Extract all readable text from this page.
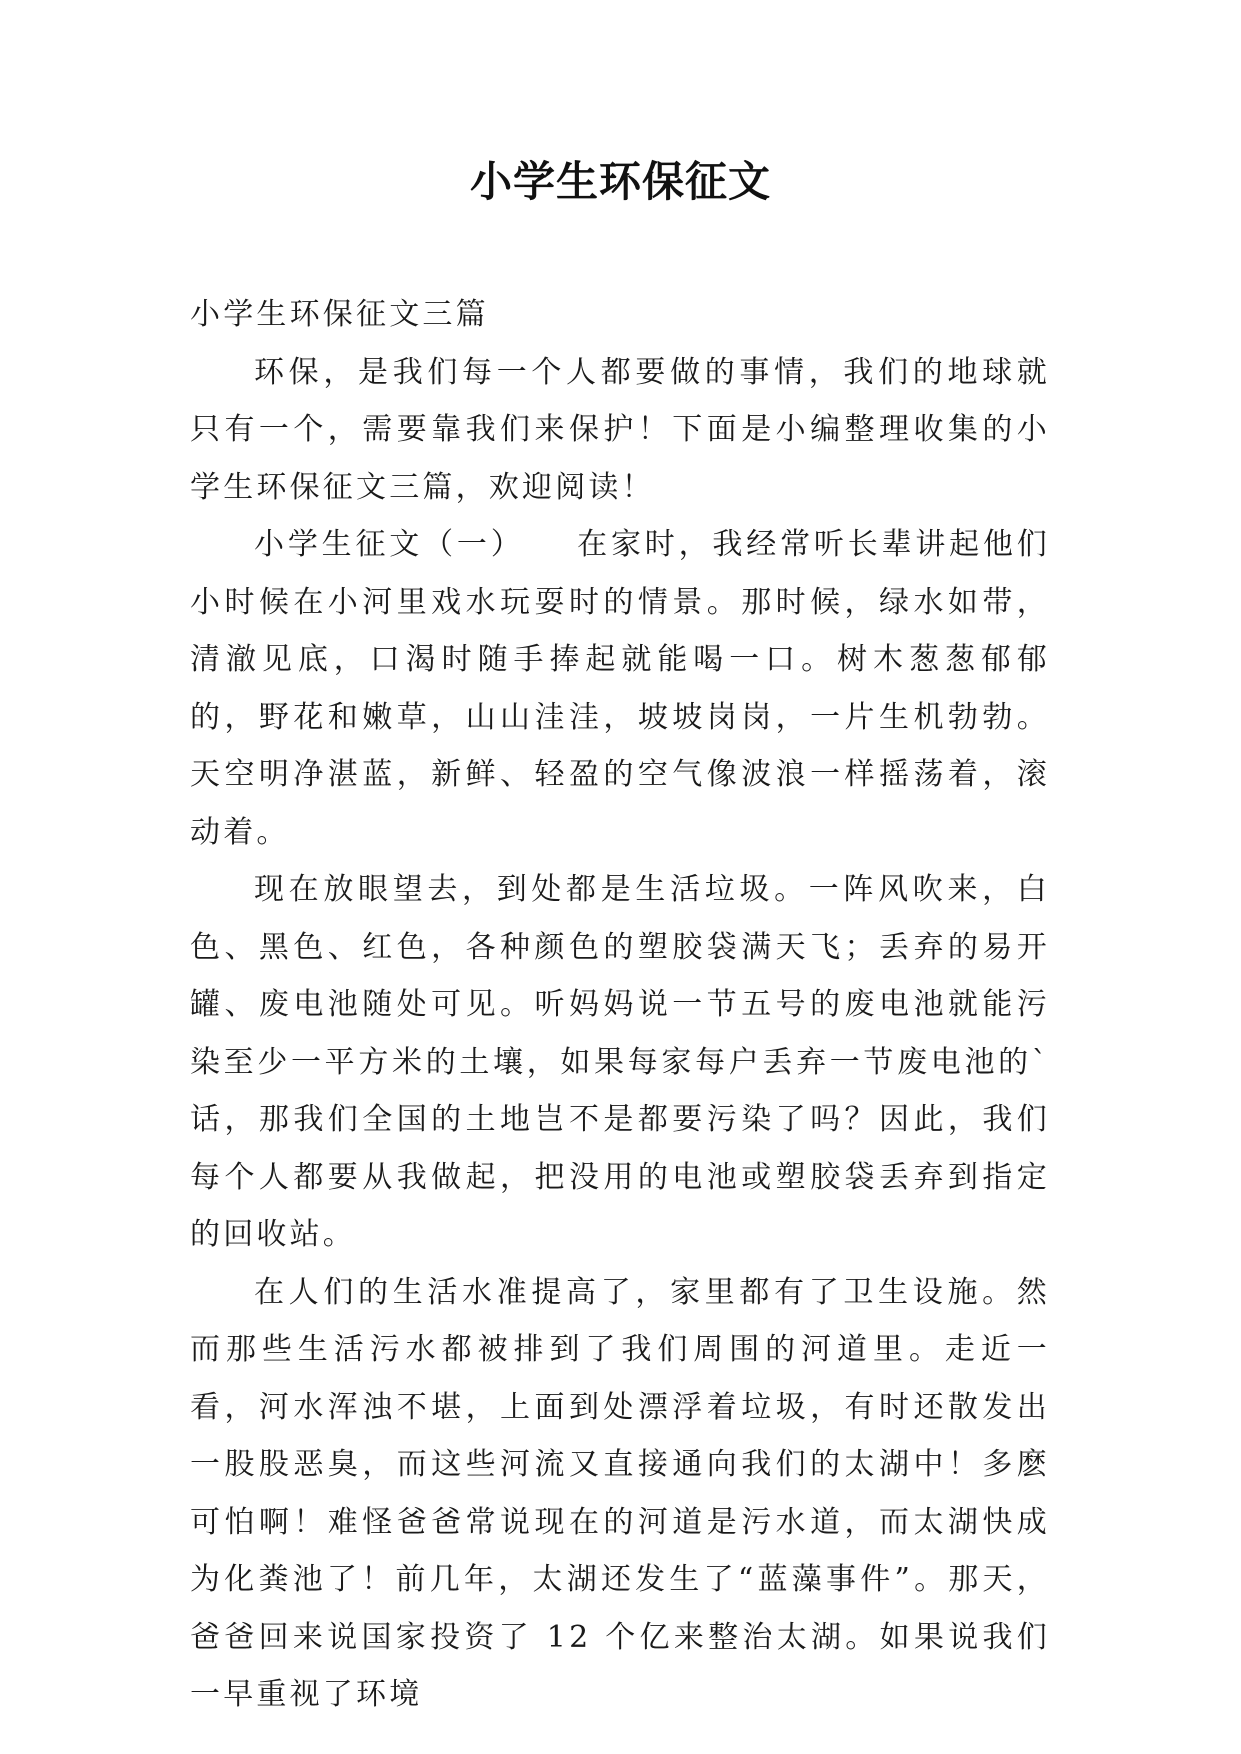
小学生环保征文

小学生环保征文三篇

环保，是我们每一个人都要做的事情，我们的地球就只有一个，需要靠我们来保护！下面是小编整理收集的小学生环保征文三篇，欢迎阅读！

小学生征文（一）　　在家时，我经常听长辈讲起他们小时候在小河里戏水玩耍时的情景。那时候，绿水如带，清澈见底，口渴时随手捧起就能喝一口。树木葱葱郁郁的，野花和嫩草，山山洼洼，坡坡岗岗，一片生机勃勃。天空明净湛蓝，新鲜、轻盈的空气像波浪一样摇荡着，滚动着。

现在放眼望去，到处都是生活垃圾。一阵风吹来，白色、黑色、红色，各种颜色的塑胶袋满天飞；丢弃的易开罐、废电池随处可见。听妈妈说一节五号的废电池就能污染至少一平方米的土壤，如果每家每户丢弃一节废电池的`话，那我们全国的土地岂不是都要污染了吗？因此，我们每个人都要从我做起，把没用的电池或塑胶袋丢弃到指定的回收站。

在人们的生活水准提高了，家里都有了卫生设施。然而那些生活污水都被排到了我们周围的河道里。走近一看，河水浑浊不堪，上面到处漂浮着垃圾，有时还散发出一股股恶臭，而这些河流又直接通向我们的太湖中！多麽可怕啊！难怪爸爸常说现在的河道是污水道，而太湖快成为化粪池了！前几年，太湖还发生了“蓝藻事件”。那天，爸爸回来说国家投资了 12 个亿来整治太湖。如果说我们一早重视了环境
